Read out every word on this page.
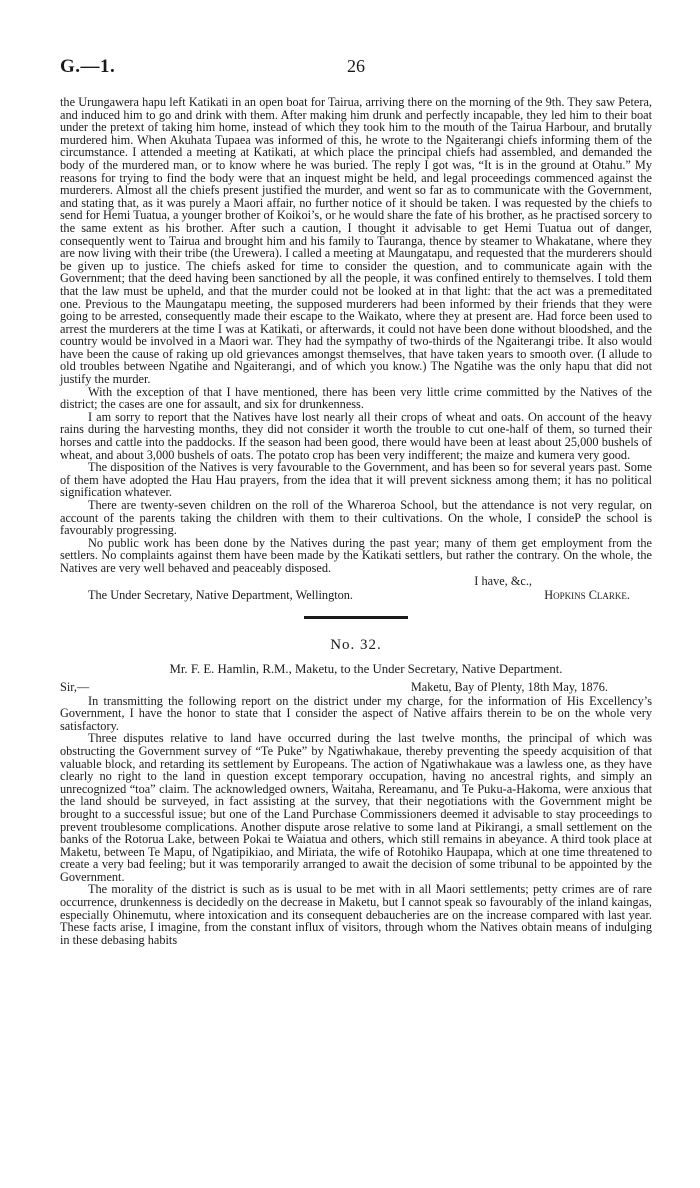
G.—1.	26

the Urungawera hapu left Katikati in an open boat for Tairua, arriving there on the morning of the 9th. They saw Petera, and induced him to go and drink with them. After making him drunk and perfectly incapable, they led him to their boat under the pretext of taking him home, instead of which they took him to the mouth of the Tairua Harbour, and brutally murdered him. When Akuhata Tupaea was informed of this, he wrote to the Ngaiterangi chiefs informing them of the circumstance. I attended a meeting at Katikati, at which place the principal chiefs had assembled, and demanded the body of the murdered man, or to know where he was buried. The reply I got was, “It is in the ground at Otahu.” My reasons for trying to find the body were that an inquest might be held, and legal proceedings commenced against the murderers. Almost all the chiefs present justified the murder, and went so far as to communicate with the Government, and stating that, as it was purely a Maori affair, no further notice of it should be taken. I was requested by the chiefs to send for Hemi Tuatua, a younger brother of Koikoi’s, or he would share the fate of his brother, as he practised sorcery to the same extent as his brother. After such a caution, I thought it advisable to get Hemi Tuatua out of danger, consequently went to Tairua and brought him and his family to Tauranga, thence by steamer to Whakatane, where they are now living with their tribe (the Urewera). I called a meeting at Maungatapu, and requested that the murderers should be given up to justice. The chiefs asked for time to consider the question, and to communicate again with the Government; that the deed having been sanctioned by all the people, it was confined entirely to themselves. I told them that the law must be upheld, and that the murder could not be looked at in that light: that the act was a premeditated one. Previous to the Maungatapu meeting, the supposed murderers had been informed by their friends that they were going to be arrested, consequently made their escape to the Waikato, where they at present are. Had force been used to arrest the murderers at the time I was at Katikati, or afterwards, it could not have been done without bloodshed, and the country would be involved in a Maori war. They had the sympathy of two-thirds of the Ngaiterangi tribe. It also would have been the cause of raking up old grievances amongst themselves, that have taken years to smooth over. (I allude to old troubles between Ngatihe and Ngaiterangi, and of which you know.) The Ngatihe was the only hapu that did not justify the murder.

With the exception of that I have mentioned, there has been very little crime committed by the Natives of the district; the cases are one for assault, and six for drunkenness.

I am sorry to report that the Natives have lost nearly all their crops of wheat and oats. On account of the heavy rains during the harvesting months, they did not consider it worth the trouble to cut one-half of them, so turned their horses and cattle into the paddocks. If the season had been good, there would have been at least about 25,000 bushels of wheat, and about 3,000 bushels of oats. The potato crop has been very indifferent; the maize and kumera very good.

The disposition of the Natives is very favourable to the Government, and has been so for several years past. Some of them have adopted the Hau Hau prayers, from the idea that it will prevent sickness among them; it has no political signification whatever.

There are twenty-seven children on the roll of the Whareroa School, but the attendance is not very regular, on account of the parents taking the children with them to their cultivations. On the whole, I consideP the school is favourably progressing.

No public work has been done by the Natives during the past year; many of them get employment from the settlers. No complaints against them have been made by the Katikati settlers, but rather the contrary. On the whole, the Natives are very well behaved and peaceably disposed.

I have, &c.,
The Under Secretary, Native Department, Wellington.	Hopkins Clarke.
No. 32.
Mr. F. E. Hamlin, R.M., Maketu, to the Under Secretary, Native Department.
Sir,—	Maketu, Bay of Plenty, 18th May, 1876.

In transmitting the following report on the district under my charge, for the information of His Excellency’s Government, I have the honor to state that I consider the aspect of Native affairs therein to be on the whole very satisfactory.

Three disputes relative to land have occurred during the last twelve months, the principal of which was obstructing the Government survey of “Te Puke” by Ngatiwhakaue, thereby preventing the speedy acquisition of that valuable block, and retarding its settlement by Europeans. The action of Ngatiwhakaue was a lawless one, as they have clearly no right to the land in question except temporary occupation, having no ancestral rights, and simply an unrecognized “toa” claim. The acknowledged owners, Waitaha, Rereamanu, and Te Puku-a-Hakoma, were anxious that the land should be surveyed, in fact assisting at the survey, that their negotiations with the Government might be brought to a successful issue; but one of the Land Purchase Commissioners deemed it advisable to stay proceedings to prevent troublesome complications. Another dispute arose relative to some land at Pikirangi, a small settlement on the banks of the Rotorua Lake, between Pokai te Waiatua and others, which still remains in abeyance. A third took place at Maketu, between Te Mapu, of Ngatipikiao, and Miriata, the wife of Rotohiko Haupapa, which at one time threatened to create a very bad feeling; but it was temporarily arranged to await the decision of some tribunal to be appointed by the Government.

The morality of the district is such as is usual to be met with in all Maori settlements; petty crimes are of rare occurrence, drunkenness is decidedly on the decrease in Maketu, but I cannot speak so favourably of the inland kaingas, especially Ohinemutu, where intoxication and its consequent debaucheries are on the increase compared with last year. These facts arise, I imagine, from the constant influx of visitors, through whom the Natives obtain means of indulging in these debasing habits
